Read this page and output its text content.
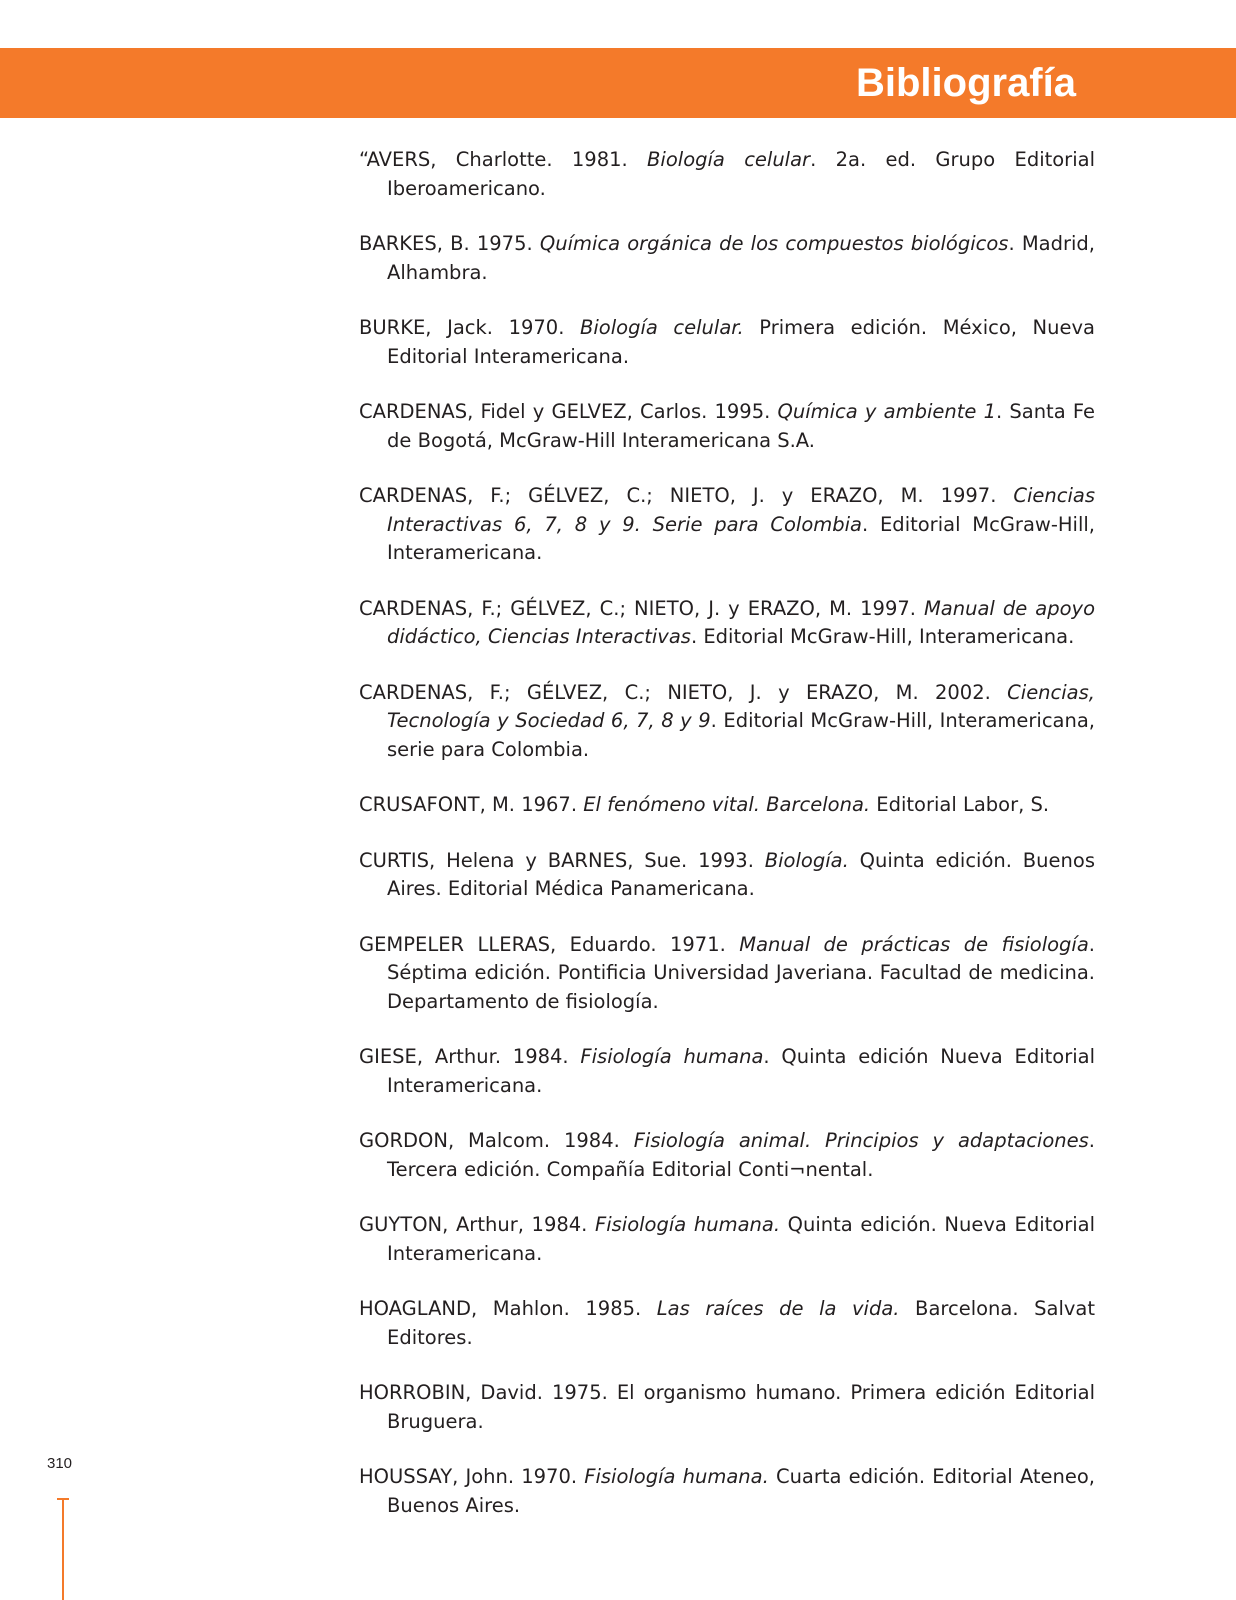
Bibliografía
“AVERS, Charlotte. 1981. Biología celular. 2a. ed. Grupo Editorial Iberoamericano.
BARKES, B. 1975. Química orgánica de los compuestos biológicos. Madrid, Alhambra.
BURKE, Jack. 1970. Biología celular. Primera edición. México, Nueva Editorial Interamericana.
CARDENAS, Fidel y GELVEZ, Carlos. 1995. Química y ambiente 1. Santa Fe de Bogotá, McGraw-Hill Interamericana S.A.
CARDENAS, F.; GÉLVEZ, C.; NIETO, J. y ERAZO, M. 1997. Ciencias Interactivas 6, 7, 8 y 9. Serie para Colombia. Editorial McGraw-Hill, Interamericana.
CARDENAS, F.; GÉLVEZ, C.; NIETO, J. y ERAZO, M. 1997. Manual de apoyo didáctico, Ciencias Interactivas. Editorial McGraw-Hill, Interamericana.
CARDENAS, F.; GÉLVEZ, C.; NIETO, J. y ERAZO, M. 2002. Ciencias, Tecnología y Sociedad 6, 7, 8 y 9. Editorial McGraw-Hill, Interamericana, serie para Colombia.
CRUSAFONT, M. 1967. El fenómeno vital. Barcelona. Editorial Labor, S.
CURTIS, Helena y BARNES, Sue. 1993. Biología. Quinta edición. Buenos Aires. Editorial Médica Panamericana.
GEMPELER LLERAS, Eduardo. 1971. Manual de prácticas de fisiología. Séptima edición. Pontificia Universidad Javeriana. Facultad de medicina. Departamento de fisiología.
GIESE, Arthur. 1984. Fisiología humana. Quinta edición Nueva Editorial Interamericana.
GORDON, Malcom. 1984. Fisiología animal. Principios y adaptaciones. Tercera edición. Compañía Editorial Conti¬nental.
GUYTON, Arthur, 1984. Fisiología humana. Quinta edición. Nueva Editorial Interamericana.
HOAGLAND, Mahlon. 1985. Las raíces de la vida. Barcelona. Salvat Editores.
HORROBIN, David. 1975. El organismo humano. Primera edición Editorial Bruguera.
HOUSSAY, John. 1970. Fisiología humana. Cuarta edición. Editorial Ateneo, Buenos Aires.
310
